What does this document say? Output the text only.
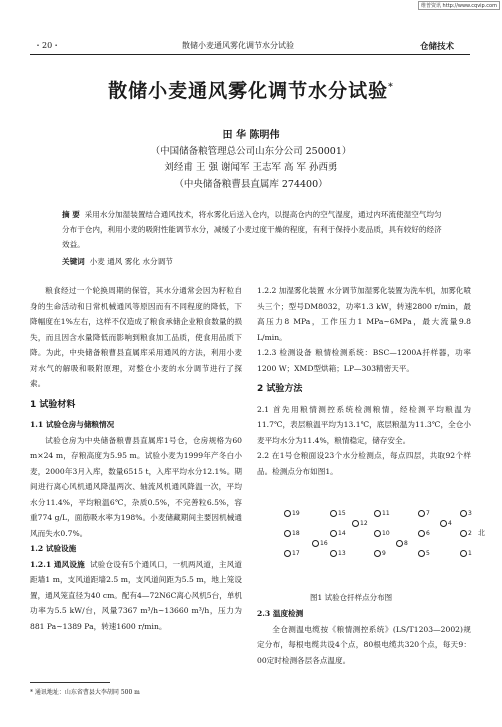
维普资讯 http://www.cqvip.com
・20・	散储小麦通风雾化调节水分试验	仓储技术
散储小麦通风雾化调节水分试验*
田 华 陈明伟
（中国储备粮管理总公司山东分公司 250001）
刘经甫 王 强 谢闻军 王志军 高 军 孙西勇
（中央储备粮曹县直属库 274400）
摘 要 采用水分加湿装置结合通风技术，将水雾化后送入仓内，以提高仓内的空气湿度，通过内环流使湿空气均匀分布于仓内，利用小麦的吸附性能调节水分，减缓了小麦过度干燥的程度，有利于保持小麦品质，具有较好的经济效益。
关键词 小麦 通风 雾化 水分调节
粮食经过一个轮换周期的保管，其水分通常会因为籽粒自身的生命活动和日常机械通风等原因而有不同程度的降低，下降幅度在1%左右，这样不仅造成了粮食承储企业粮食数量的损失，而且因含水量降低而影响到粮食加工品质，使食用品质下降。为此，中央储备粮曹县直属库采用通风的方法，利用小麦对水气的解吸和吸附原理，对整仓小麦的水分调节进行了探索。
1 试验材料
1.1 试验仓房与储粮情况
试验仓房为中央储备粮曹县直属库1号仓，仓房规格为60 m×24 m，存粮高度为5.95 m。试验小麦为1999年产冬白小麦，2000年3月入库，数量6515 t，入库平均水分12.1%。期间进行离心风机通风降温两次、轴流风机通风降温一次，平均水分11.4%，平均粮温6℃，杂质0.5%，不完善粒6.5%，容重774 g/L，面筋吸水率为198%。小麦储藏期间主要因机械通风而失水0.7%。
1.2 试验设施
1.2.1 通风设施 试验仓设有5个通风口，一机两风道，主风道距墙1 m，支风道距墙2.5 m，支风道间距为5.5 m，地上笼设置，通风笼直径为40 cm。配有4—72N6C离心风机5台，单机功率为5.5 kW/台，风量7367 m³/h~13660 m³/h，压力为881 Pa~1389 Pa，转速1600 r/min。
1.2.2 加湿雾化装置 水分调节加湿雾化装置为洗车机，加雾化喷头三个；型号DM8032，功率1.3 kW，转速2800 r/min，最高压力8 MPa，工作压力1 MPa~6MPa，最大流量9.8 L/min。
1.2.3 检测设备 粮情检测系统：BSC—1200A扦样器，功率1200 W；XMD型烘箱；LP—303精密天平。
2 试验方法
2.1 首先用粮情测控系统检测粮情，经检测平均粮温为11.7℃，表层粮温平均为13.1℃，底层粮温为11.3℃，全仓小麦平均水分为11.4%，粮情稳定，储存安全。
2.2 在1号仓粮面设23个水分检测点，每点四层，共取92个样品。检测点分布如图1。
北
19	15	11	7	3
12	4
18	14	10	6	2
16	8
17	13	9	5	1
图1 试验仓扦样点分布图
2.3 温度检测
全仓测温电缆按《粮情测控系统》(LS/T1203—2002)规定分布，每根电缆共设4个点，80根电缆共320个点，每天9：00定时检测各层各点温度。
* 通讯地址：山东省曹县大李胡同 500 m
